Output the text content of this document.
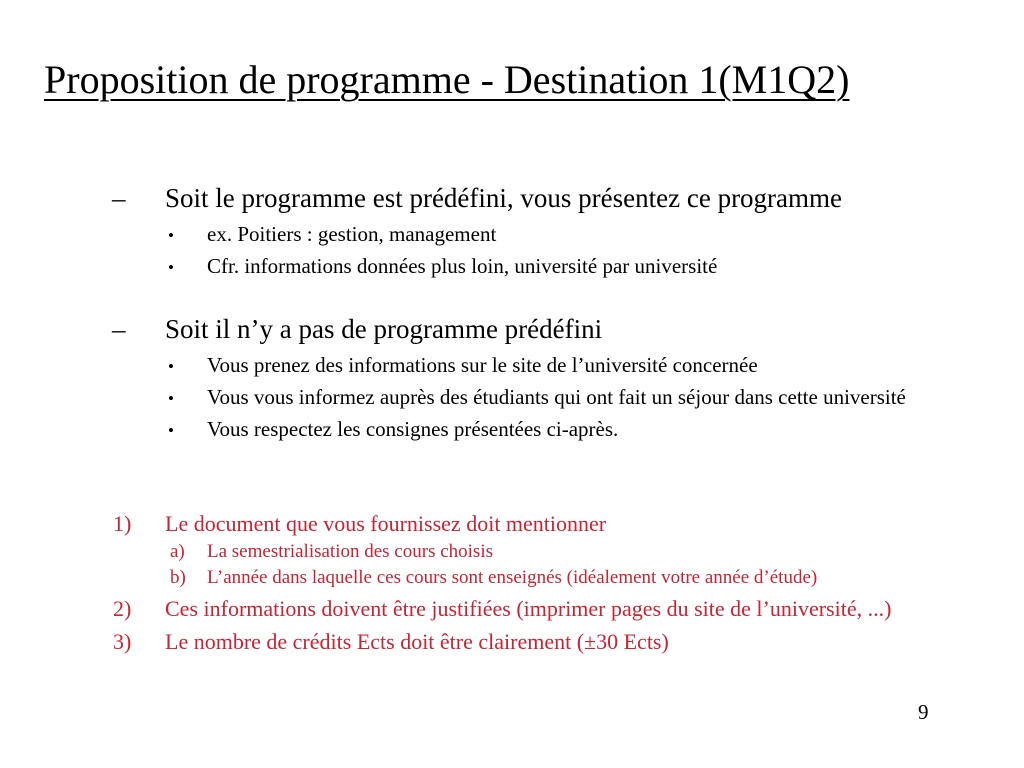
Proposition de programme - Destination 1(M1Q2)
–	Soit le programme est prédéfini, vous présentez ce programme
•	ex. Poitiers : gestion, management
•	Cfr. informations données plus loin, université par université
–	Soit il n’y a pas de programme prédéfini
•	Vous prenez des informations sur le site de l’université concernée
•	Vous vous informez auprès des étudiants qui ont fait un séjour dans cette université
•	Vous respectez les consignes présentées ci-après.
1)	Le document que vous fournissez doit mentionner
a)	La semestrialisation des cours choisis
b)	L’année dans laquelle ces cours sont enseignés (idéalement votre année d’étude)
2)	Ces informations doivent être justifiées (imprimer pages du site de l’université, ...)
3)	Le nombre de crédits Ects doit être clairement (±30 Ects)
9
